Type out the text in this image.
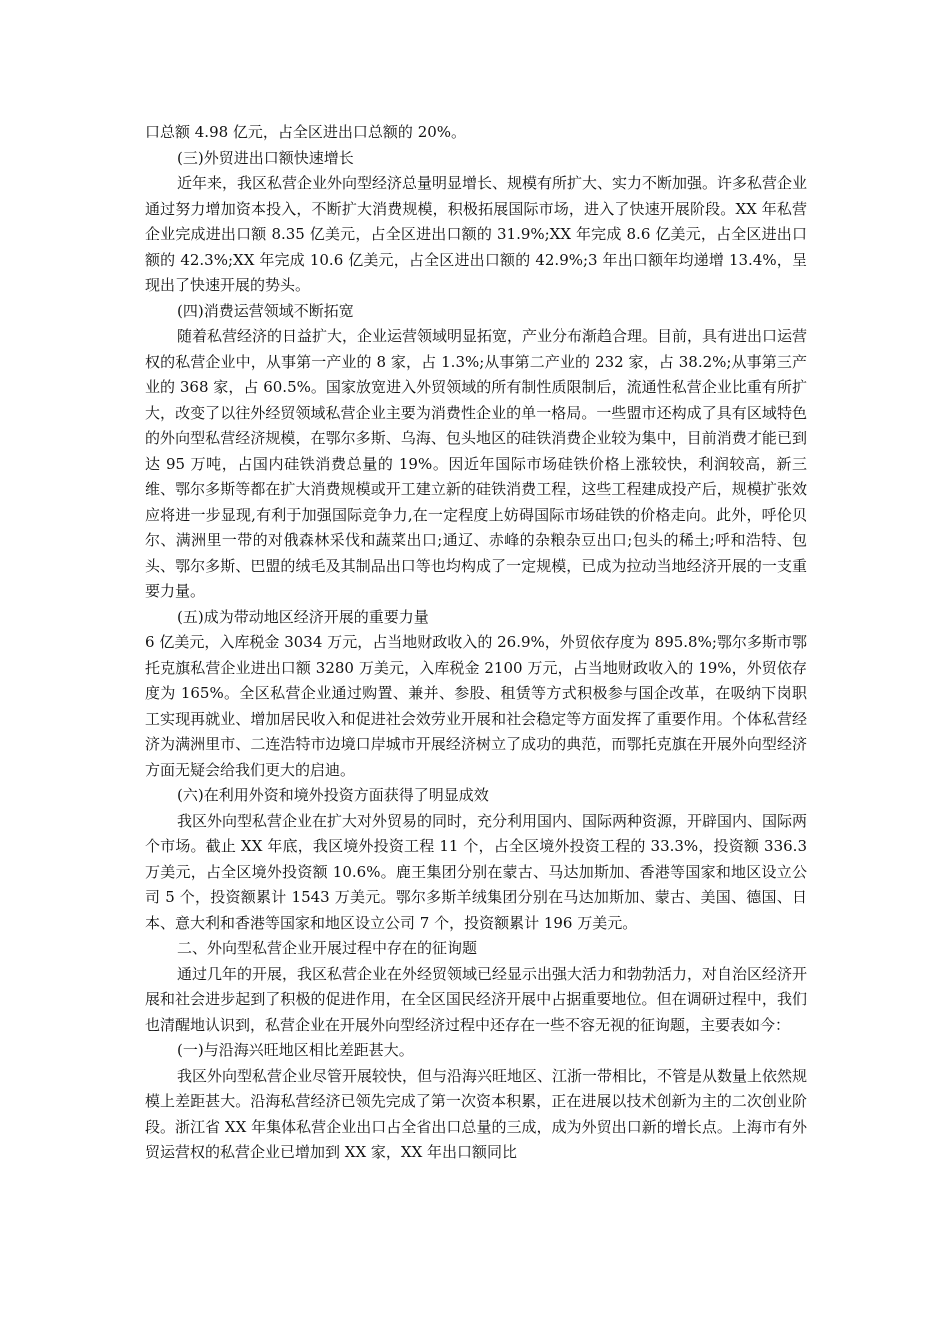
口总额 4.98 亿元，占全区进出口总额的 20%。

(三)外贸进出口额快速增长

近年来，我区私营企业外向型经济总量明显增长、规模有所扩大、实力不断加强。许多私营企业通过努力增加资本投入，不断扩大消费规模，积极拓展国际市场，进入了快速开展阶段。XX 年私营企业完成进出口额 8.35 亿美元，占全区进出口额的 31.9%;XX 年完成 8.6 亿美元，占全区进出口额的 42.3%;XX 年完成 10.6 亿美元，占全区进出口额的 42.9%;3 年出口额年均递增 13.4%，呈现出了快速开展的势头。

(四)消费运营领域不断拓宽

随着私营经济的日益扩大，企业运营领域明显拓宽，产业分布渐趋合理。目前，具有进出口运营权的私营企业中，从事第一产业的 8 家，占 1.3%;从事第二产业的 232 家，占 38.2%;从事第三产业的 368 家，占 60.5%。国家放宽进入外贸领域的所有制性质限制后，流通性私营企业比重有所扩大，改变了以往外经贸领域私营企业主要为消费性企业的单一格局。一些盟市还构成了具有区域特色的外向型私营经济规模，在鄂尔多斯、乌海、包头地区的硅铁消费企业较为集中，目前消费才能已到达 95 万吨，占国内硅铁消费总量的 19%。因近年国际市场硅铁价格上涨较快，利润较高，新三维、鄂尔多斯等都在扩大消费规模或开工建立新的硅铁消费工程，这些工程建成投产后，规模扩张效应将进一步显现,有利于加强国际竞争力,在一定程度上妨碍国际市场硅铁的价格走向。此外，呼伦贝尔、满洲里一带的对俄森林采伐和蔬菜出口;通辽、赤峰的杂粮杂豆出口;包头的稀土;呼和浩特、包头、鄂尔多斯、巴盟的绒毛及其制品出口等也均构成了一定规模，已成为拉动当地经济开展的一支重要力量。

(五)成为带动地区经济开展的重要力量

6 亿美元，入库税金 3034 万元，占当地财政收入的 26.9%，外贸依存度为 895.8%;鄂尔多斯市鄂托克旗私营企业进出口额 3280 万美元，入库税金 2100 万元，占当地财政收入的 19%，外贸依存度为 165%。全区私营企业通过购置、兼并、参股、租赁等方式积极参与国企改革，在吸纳下岗职工实现再就业、增加居民收入和促进社会效劳业开展和社会稳定等方面发挥了重要作用。个体私营经济为满洲里市、二连浩特市边境口岸城市开展经济树立了成功的典范，而鄂托克旗在开展外向型经济方面无疑会给我们更大的启迪。

(六)在利用外资和境外投资方面获得了明显成效

我区外向型私营企业在扩大对外贸易的同时，充分利用国内、国际两种资源，开辟国内、国际两个市场。截止 XX 年底，我区境外投资工程 11 个，占全区境外投资工程的 33.3%，投资额 336.3 万美元，占全区境外投资额 10.6%。鹿王集团分别在蒙古、马达加斯加、香港等国家和地区设立公司 5 个，投资额累计 1543 万美元。鄂尔多斯羊绒集团分别在马达加斯加、蒙古、美国、德国、日本、意大利和香港等国家和地区设立公司 7 个，投资额累计 196 万美元。

二、外向型私营企业开展过程中存在的征询题

通过几年的开展，我区私营企业在外经贸领域已经显示出强大活力和勃勃活力，对自治区经济开展和社会进步起到了积极的促进作用，在全区国民经济开展中占据重要地位。但在调研过程中，我们也清醒地认识到，私营企业在开展外向型经济过程中还存在一些不容无视的征询题，主要表如今：

(一)与沿海兴旺地区相比差距甚大。

我区外向型私营企业尽管开展较快，但与沿海兴旺地区、江浙一带相比，不管是从数量上依然规模上差距甚大。沿海私营经济已领先完成了第一次资本积累，正在进展以技术创新为主的二次创业阶段。浙江省 XX 年集体私营企业出口占全省出口总量的三成，成为外贸出口新的增长点。上海市有外贸运营权的私营企业已增加到 XX 家，XX 年出口额同比
